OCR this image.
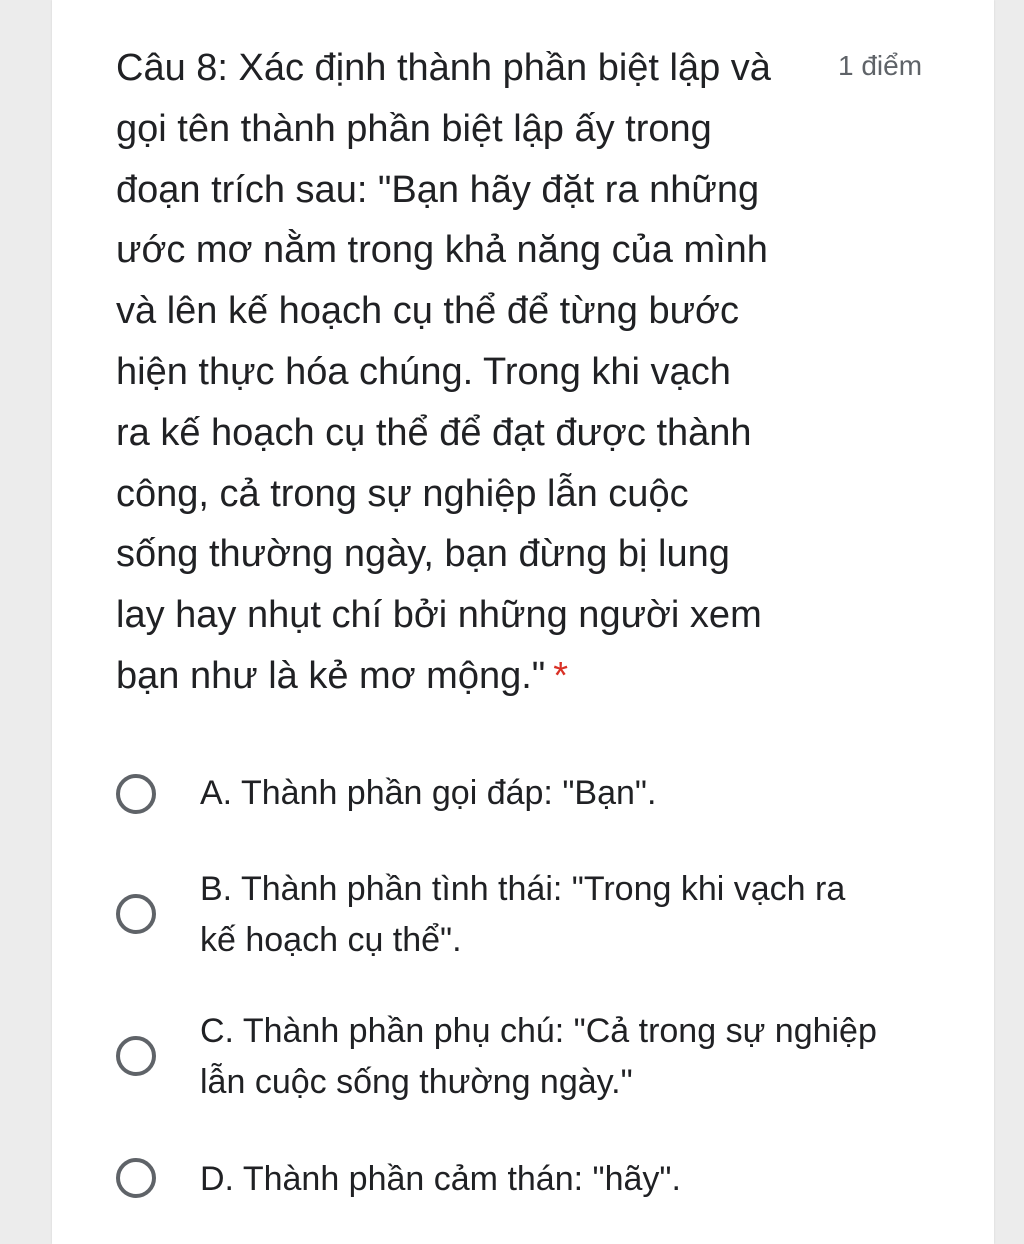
Câu 8: Xác định thành phần biệt lập và
gọi tên thành phần biệt lập ấy trong
đoạn trích sau: "Bạn hãy đặt ra những
ước mơ nằm trong khả năng của mình
và lên kế hoạch cụ thể để từng bước
hiện thực hóa chúng. Trong khi vạch
ra kế hoạch cụ thể để đạt được thành
công, cả trong sự nghiệp lẫn cuộc
sống thường ngày, bạn đừng bị lung
lay hay nhụt chí bởi những người xem
bạn như là kẻ mơ mộng." *
1 điểm
A. Thành phần gọi đáp: "Bạn".
B. Thành phần tình thái: "Trong khi vạch ra
kế hoạch cụ thể".
C. Thành phần phụ chú: "Cả trong sự nghiệp
lẫn cuộc sống thường ngày."
D. Thành phần cảm thán: "hãy".
